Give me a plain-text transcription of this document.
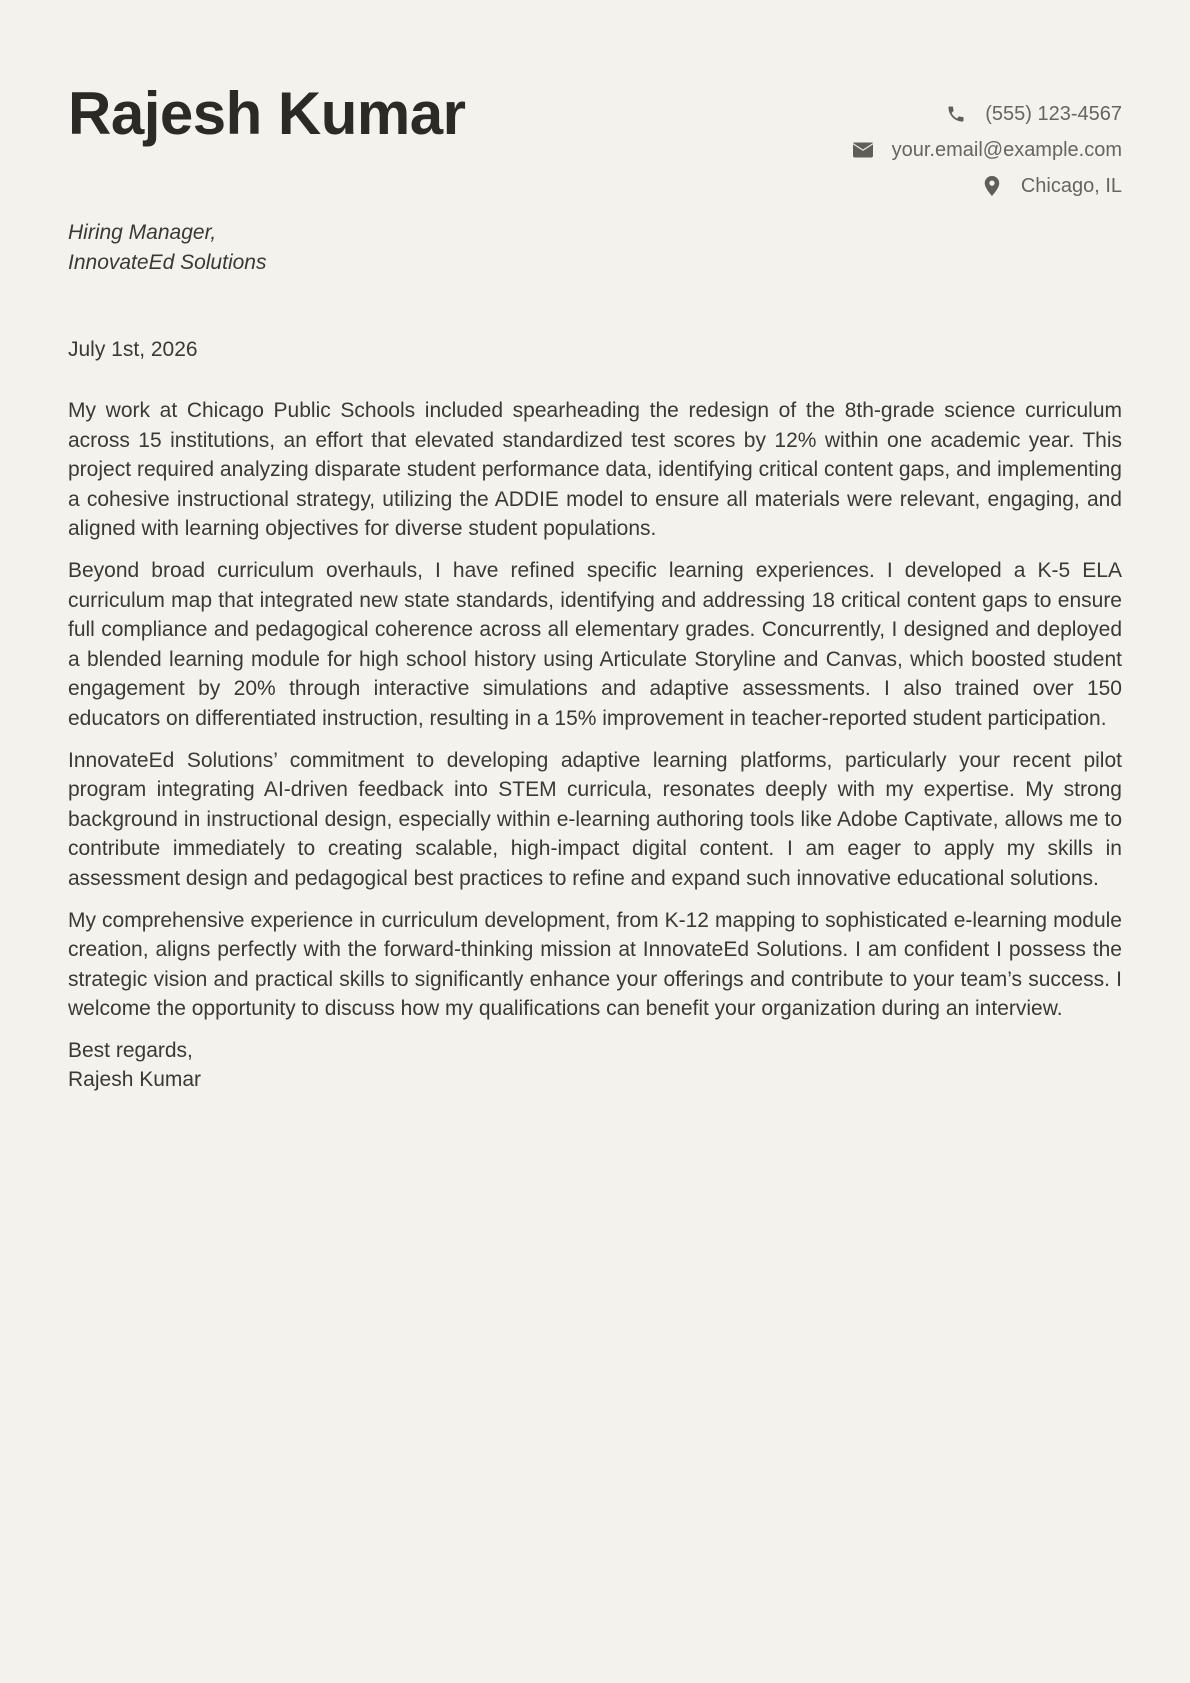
Rajesh Kumar	(555) 123-4567
your.email@example.com
Chicago, IL
Hiring Manager,
InnovateEd Solutions
July 1st, 2026

My work at Chicago Public Schools included spearheading the redesign of the 8th-grade science curriculum across 15 institutions, an effort that elevated standardized test scores by 12% within one academic year. This project required analyzing disparate student performance data, identifying critical content gaps, and implementing a cohesive instructional strategy, utilizing the ADDIE model to ensure all materials were relevant, engaging, and aligned with learning objectives for diverse student populations.

Beyond broad curriculum overhauls, I have refined specific learning experiences. I developed a K-5 ELA curriculum map that integrated new state standards, identifying and addressing 18 critical content gaps to ensure full compliance and pedagogical coherence across all elementary grades. Concurrently, I designed and deployed a blended learning module for high school history using Articulate Storyline and Canvas, which boosted student engagement by 20% through interactive simulations and adaptive assessments. I also trained over 150 educators on differentiated instruction, resulting in a 15% improvement in teacher-reported student participation.

InnovateEd Solutions’ commitment to developing adaptive learning platforms, particularly your recent pilot program integrating AI-driven feedback into STEM curricula, resonates deeply with my expertise. My strong background in instructional design, especially within e-learning authoring tools like Adobe Captivate, allows me to contribute immediately to creating scalable, high-impact digital content. I am eager to apply my skills in assessment design and pedagogical best practices to refine and expand such innovative educational solutions.

My comprehensive experience in curriculum development, from K-12 mapping to sophisticated e-learning module creation, aligns perfectly with the forward-thinking mission at InnovateEd Solutions. I am confident I possess the strategic vision and practical skills to significantly enhance your offerings and contribute to your team’s success. I welcome the opportunity to discuss how my qualifications can benefit your organization during an interview.

Best regards,
Rajesh Kumar
